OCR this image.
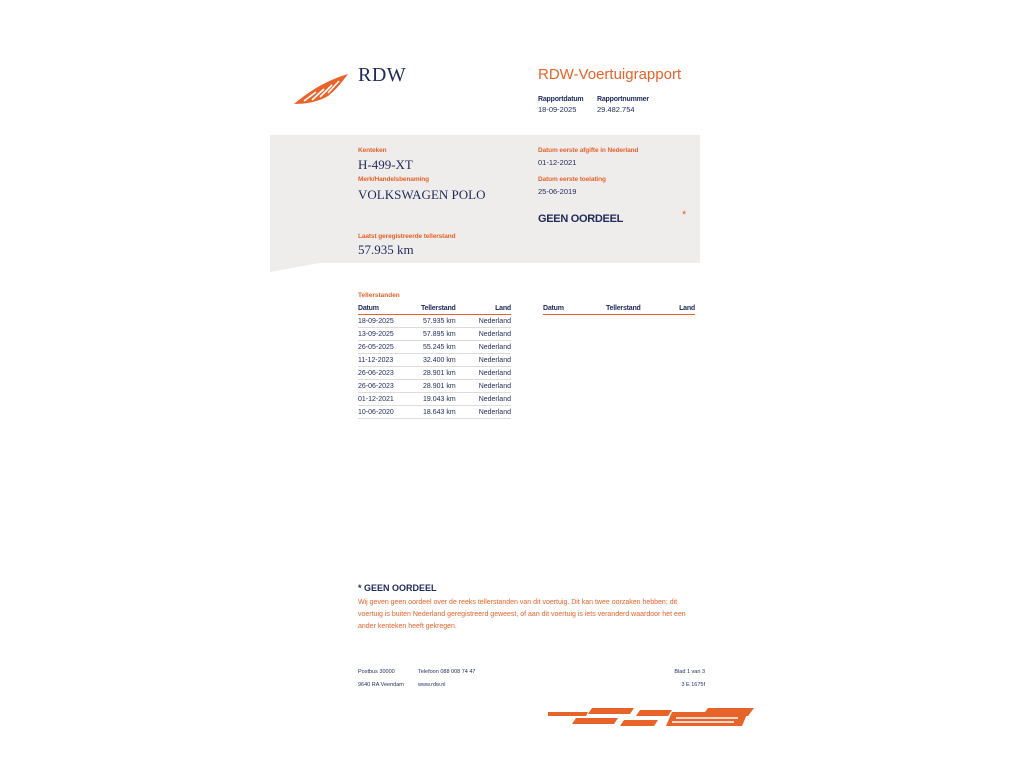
RDW	RDW-Voertuigrapport
Rapportdatum
18-09-2025
Rapportnummer
29.482.754
Kenteken
H-499-XT
Merk/Handelsbenaming
VOLKSWAGEN POLO
Laatst geregistreerde tellerstand
57.935 km
Datum eerste afgifte in Nederland
01-12-2021
Datum eerste toelating
25-06-2019
GEEN OORDEEL	*
Tellerstanden
Datum	Tellerstand	Land
18-09-2025	57.935 km	Nederland
13-09-2025	57.895 km	Nederland
26-05-2025	55.245 km	Nederland
11-12-2023	32.400 km	Nederland
26-06-2023	28.901 km	Nederland
26-06-2023	28.901 km	Nederland
01-12-2021	19.043 km	Nederland
10-06-2020	18.643 km	Nederland
Datum	Tellerstand	Land
* GEEN OORDEEL
Wij geven geen oordeel over de reeks tellerstanden van dit voertuig. Dit kan twee oorzaken hebben: dit voertuig is buiten Nederland geregistreerd geweest, of aan dit voertuig is iets veranderd waardoor het een ander kenteken heeft gekregen.
Postbus 30000
9640 RA Veendam
Telefoon 088 008 74 47
www.rdw.nl
Blad 1 van 3
3 E 1675f
